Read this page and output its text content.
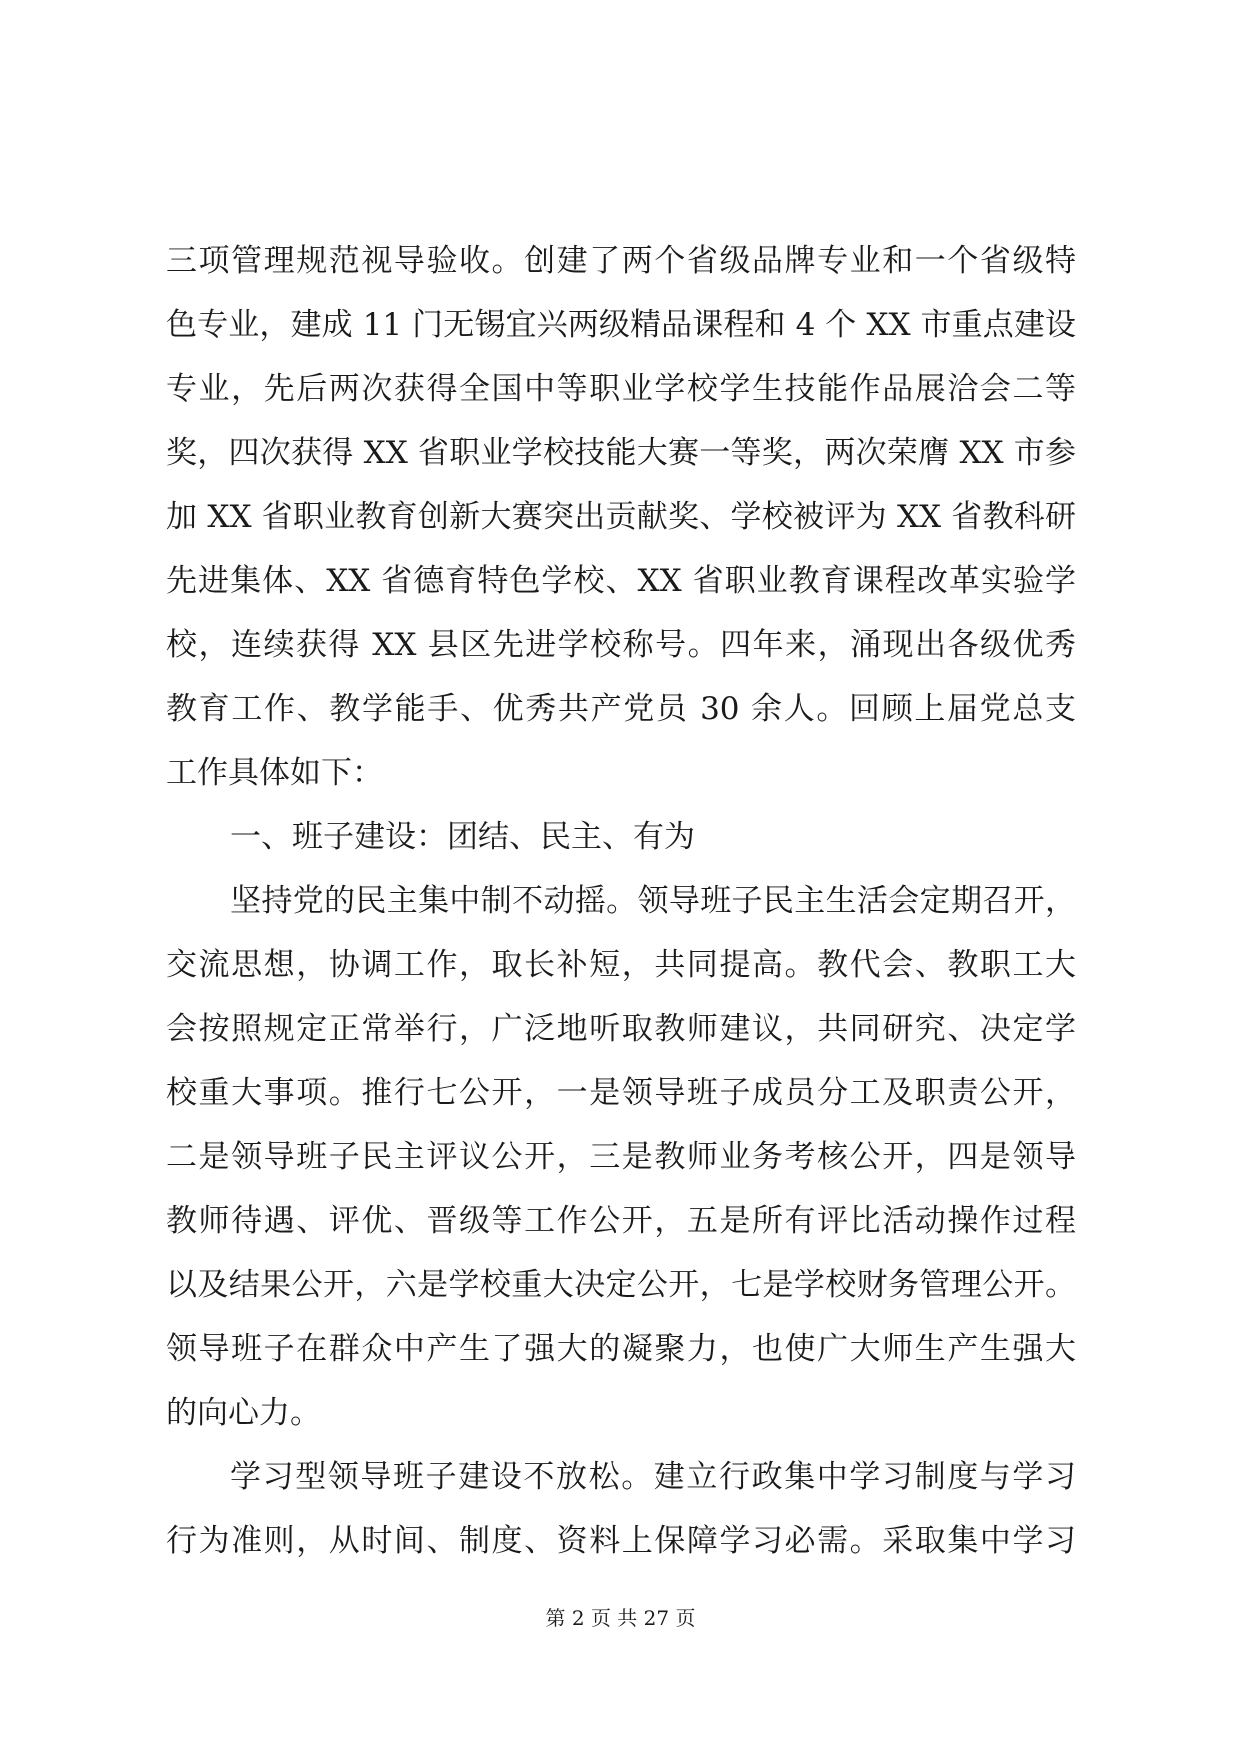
三项管理规范视导验收。创建了两个省级品牌专业和一个省级特
色专业，建成 11 门无锡宜兴两级精品课程和 4 个 XX 市重点建设
专业，先后两次获得全国中等职业学校学生技能作品展洽会二等
奖，四次获得 XX 省职业学校技能大赛一等奖，两次荣膺 XX 市参
加 XX 省职业教育创新大赛突出贡献奖、学校被评为 XX 省教科研
先进集体、XX 省德育特色学校、XX 省职业教育课程改革实验学
校，连续获得 XX 县区先进学校称号。四年来，涌现出各级优秀
教育工作、教学能手、优秀共产党员 30 余人。回顾上届党总支
工作具体如下：
一、班子建设：团结、民主、有为
坚持党的民主集中制不动摇。领导班子民主生活会定期召开，
交流思想，协调工作，取长补短，共同提高。教代会、教职工大
会按照规定正常举行，广泛地听取教师建议，共同研究、决定学
校重大事项。推行七公开，一是领导班子成员分工及职责公开，
二是领导班子民主评议公开，三是教师业务考核公开，四是领导
教师待遇、评优、晋级等工作公开，五是所有评比活动操作过程
以及结果公开，六是学校重大决定公开，七是学校财务管理公开。
领导班子在群众中产生了强大的凝聚力，也使广大师生产生强大
的向心力。
学习型领导班子建设不放松。建立行政集中学习制度与学习
行为准则，从时间、制度、资料上保障学习必需。采取集中学习
第 2 页 共 27 页
